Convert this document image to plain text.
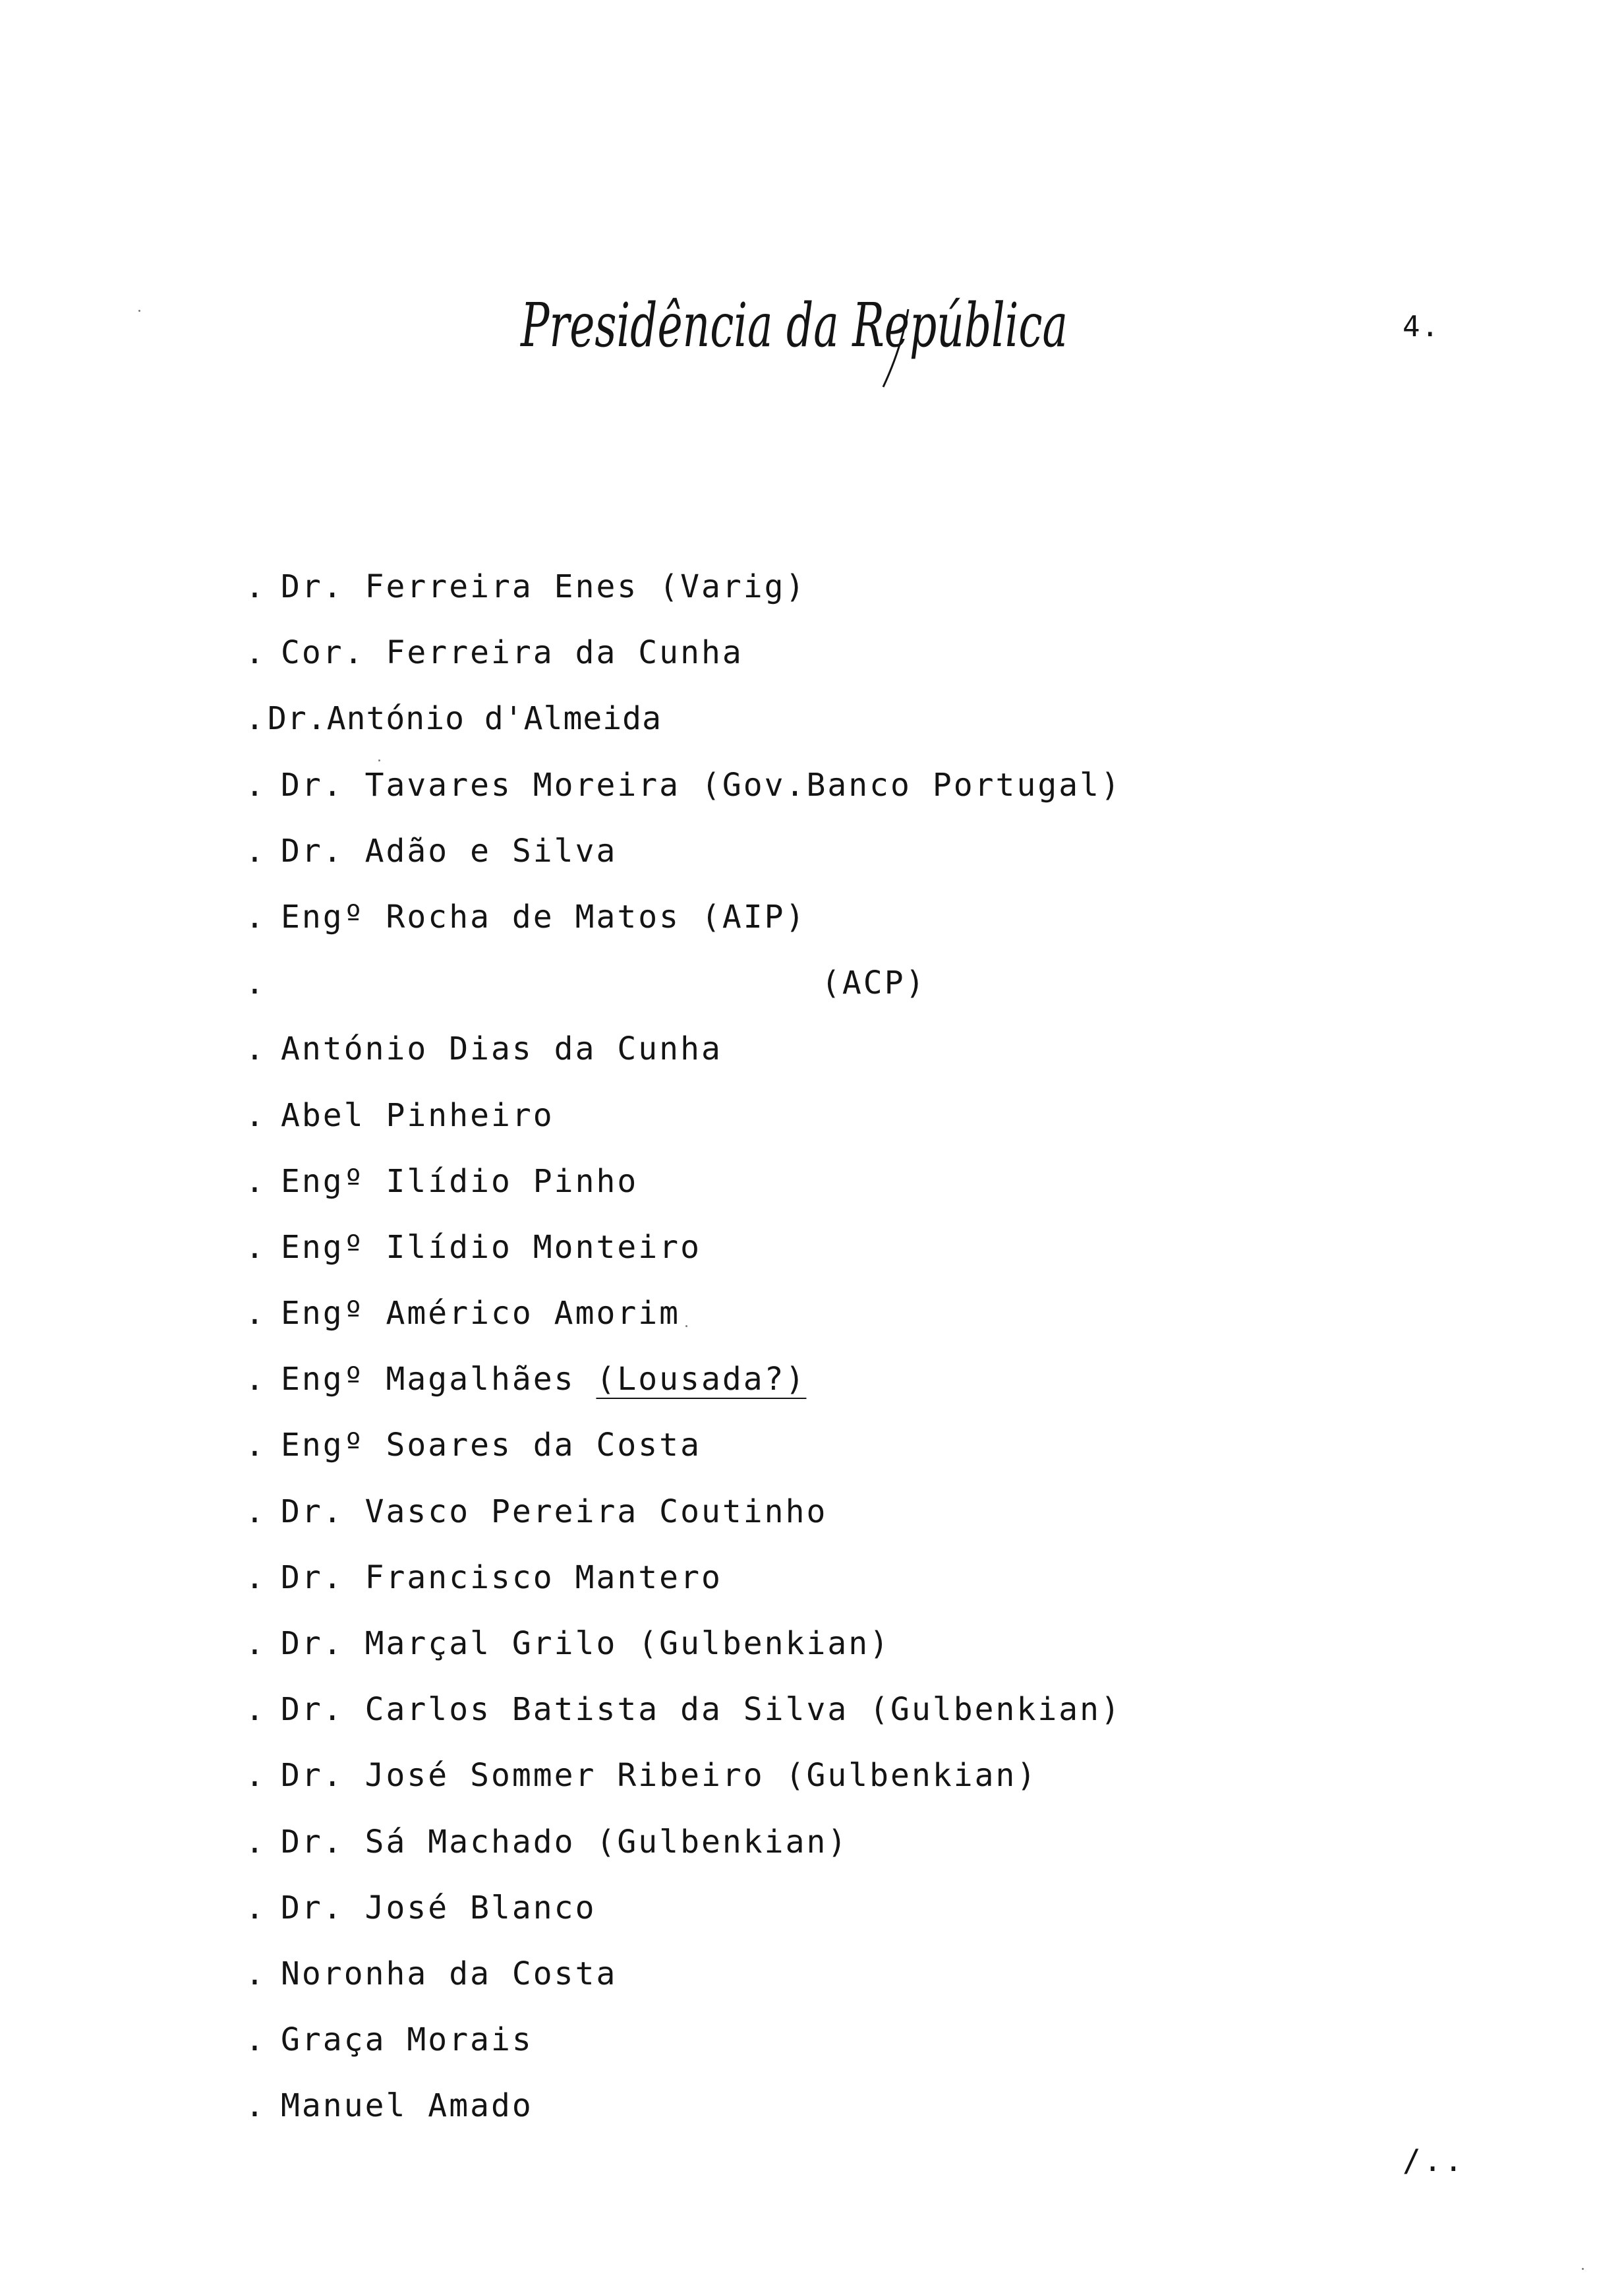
Presidência da República	4.
. Dr. Ferreira Enes (Varig)
. Cor. Ferreira da Cunha
. Dr.António d'Almeida
. Dr. Tavares Moreira (Gov.Banco Portugal)
. Dr. Adão e Silva
. Engº Rocha de Matos (AIP)
.	(ACP)
. António Dias da Cunha
. Abel Pinheiro
. Engº Ilídio Pinho
. Engº Ilídio Monteiro
. Engº Américo Amorim
. Engº Magalhães (Lousada?)
. Engº Soares da Costa
. Dr. Vasco Pereira Coutinho
. Dr. Francisco Mantero
. Dr. Marçal Grilo (Gulbenkian)
. Dr. Carlos Batista da Silva (Gulbenkian)
. Dr. José Sommer Ribeiro (Gulbenkian)
. Dr. Sá Machado (Gulbenkian)
. Dr. José Blanco
. Noronha da Costa
. Graça Morais
. Manuel Amado
/..
